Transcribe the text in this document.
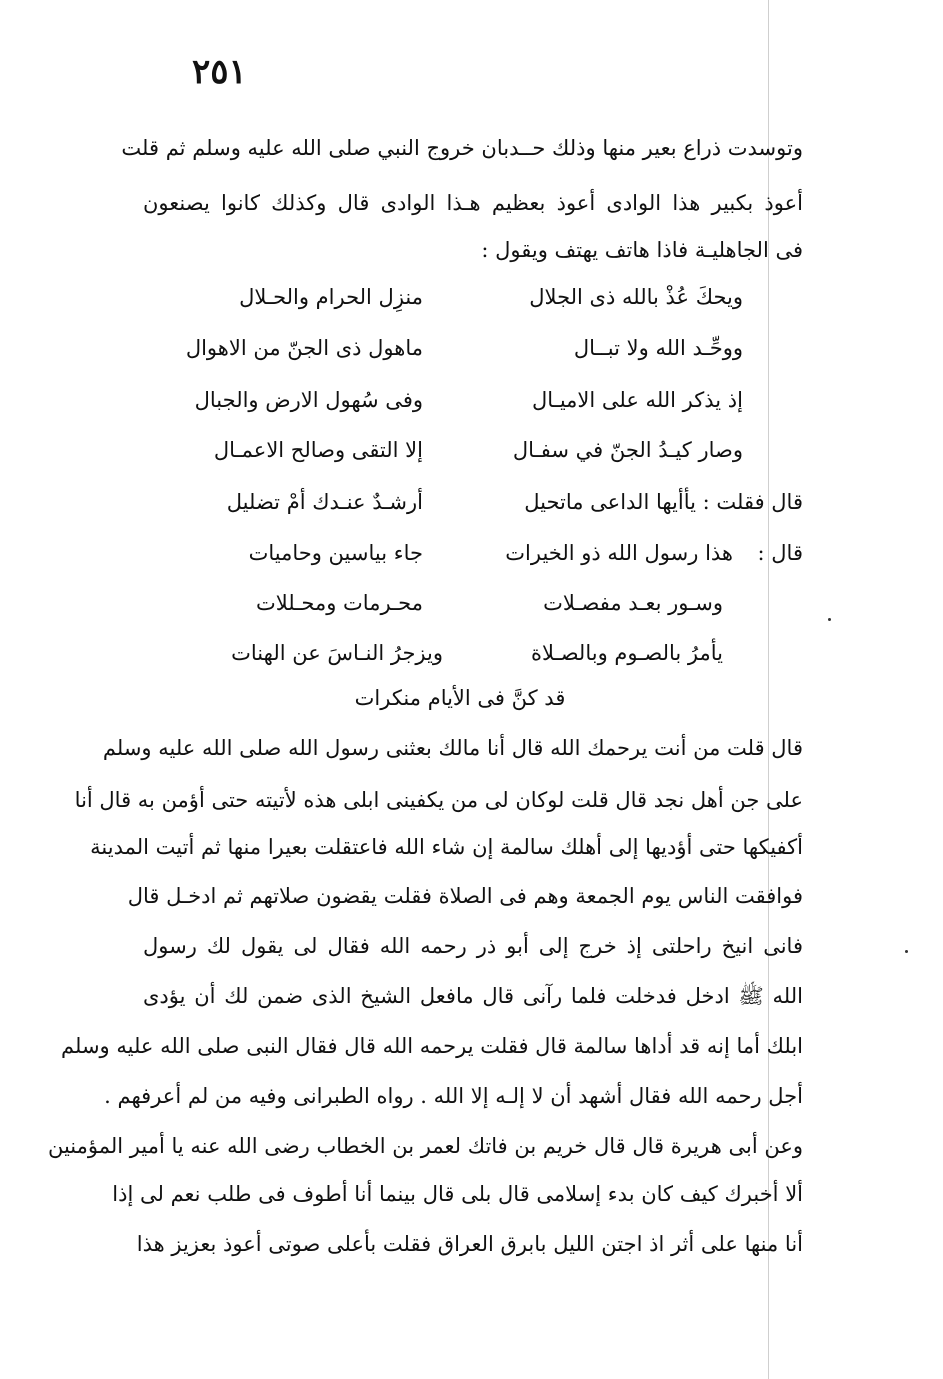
٢٥١
وتوسدت ذراع بعير منها وذلك حــدبان خروج النبي صلى الله عليه وسلم ثم قلت
أعوذ بكبير هذا الوادى أعوذ بعظيم هـذا الوادى قال وكذلك كانوا يصنعون
فى الجاهليـة فاذا هاتف يهتف ويقول :
ويحكَ عُذْ بالله ذى الجلال
منزِل الحرام والحـلال
ووحِّـد الله ولا تبــال
ماهول ذى الجنّ من الاهوال
إذ يذكر الله على الاميـال
وفى سُهول الارض والجبال
وصار كيـدُ الجنّ في سفـال
إلا التقى وصالح الاعمـال
قال فقلت : يأأيها الداعى ماتحيل
أرشـدٌ عنـدك أمْ تضليل
قال :
هذا رسول الله ذو الخيرات
جاء بياسين وحاميات
وسـور بعـد مفصـلات
محـرمات ومحـللات
يأمرُ بالصـوم وبالصـلاة
ويزجرُ النـاسَ عن الهنات
قد كنَّ فى الأيام منكرات
قال قلت من أنت يرحمك الله قال أنا مالك بعثنى رسول الله صلى الله عليه وسلم
على جن أهل نجد قال قلت لوكان لى من يكفينى ابلى هذه لأتيته حتى أؤمن به قال أنا
أكفيكها حتى أؤديها إلى أهلك سالمة إن شاء الله فاعتقلت بعيرا منها ثم أتيت المدينة
فوافقت الناس يوم الجمعة وهم فى الصلاة فقلت يقضون صلاتهم ثم ادخـل قال
فانى انيخ راحلتى إذ خرج إلى أبو ذر رحمه الله فقال لى يقول لك رسول
الله ﷺ ادخل فدخلت فلما رآنى قال مافعل الشيخ الذى ضمن لك أن يؤدى
ابلك أما إنه قد أداها سالمة قال فقلت يرحمه الله قال فقال النبى صلى الله عليه وسلم
أجل رحمه الله فقال أشهد أن لا إلـه إلا الله . رواه الطبرانى وفيه من لم أعرفهم .
وعن أبى هريرة قال قال خريم بن فاتك لعمر بن الخطاب رضى الله عنه يا أمير المؤمنين
ألا أخبرك كيف كان بدء إسلامى قال بلى قال بينما أنا أطوف فى طلب نعم لى إذا
أنا منها على أثر اذ اجتن الليل بابرق العراق فقلت بأعلى صوتى أعوذ بعزيز هذا
